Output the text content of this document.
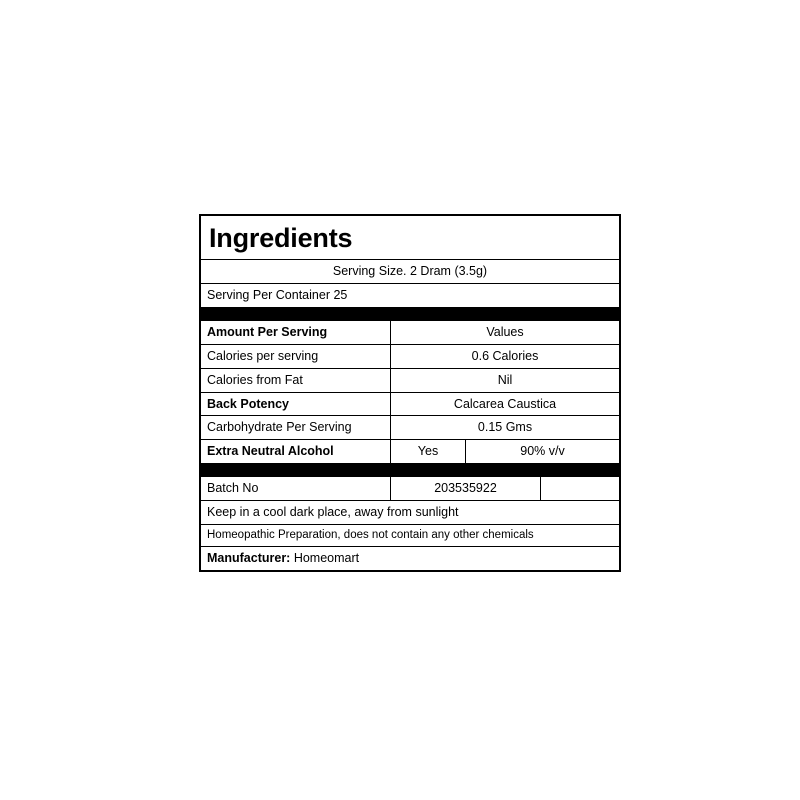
Ingredients
Serving Size. 2 Dram (3.5g)
Serving Per Container 25
Amount Per Serving	Values
Calories per serving	0.6 Calories
Calories from Fat	Nil
Back Potency	Calcarea Caustica
Carbohydrate Per Serving	0.15 Gms
Extra Neutral Alcohol	Yes	90% v/v
Batch No	203535922
Keep in a cool dark place, away from sunlight
Homeopathic Preparation, does not contain any other chemicals
Manufacturer: Homeomart
